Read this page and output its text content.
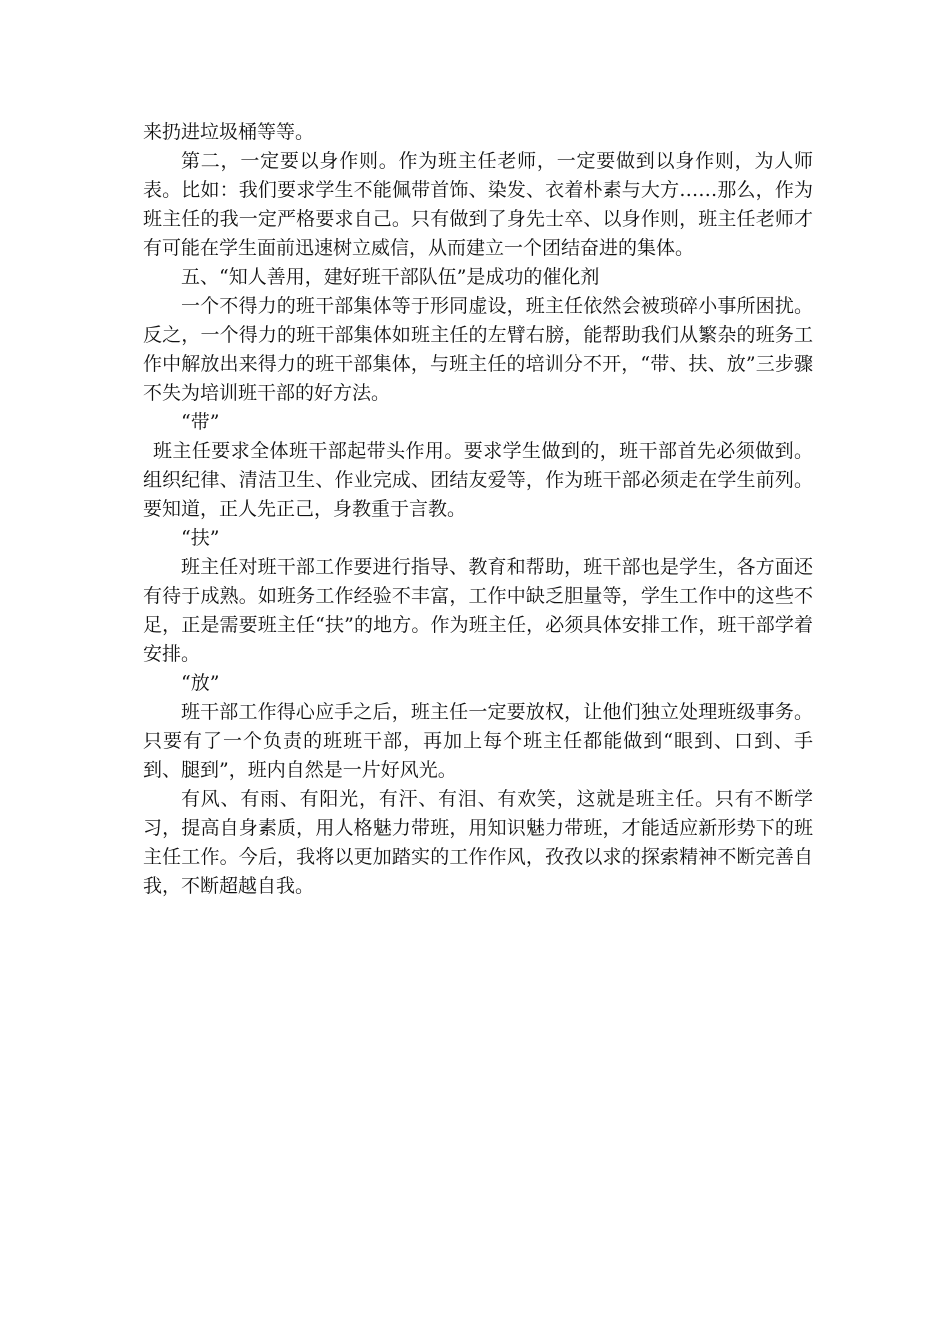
来扔进垃圾桶等等。

第二，一定要以身作则。作为班主任老师，一定要做到以身作则，为人师表。比如：我们要求学生不能佩带首饰、染发、衣着朴素与大方……那么，作为班主任的我一定严格要求自己。只有做到了身先士卒、以身作则，班主任老师才有可能在学生面前迅速树立威信，从而建立一个团结奋进的集体。

五、“知人善用，建好班干部队伍”是成功的催化剂

一个不得力的班干部集体等于形同虚设，班主任依然会被琐碎小事所困扰。反之，一个得力的班干部集体如班主任的左臂右膀，能帮助我们从繁杂的班务工作中解放出来得力的班干部集体，与班主任的培训分不开，“带、扶、放”三步骤不失为培训班干部的好方法。

“带”

班主任要求全体班干部起带头作用。要求学生做到的，班干部首先必须做到。组织纪律、清洁卫生、作业完成、团结友爱等，作为班干部必须走在学生前列。要知道，正人先正己，身教重于言教。

“扶”

班主任对班干部工作要进行指导、教育和帮助，班干部也是学生，各方面还有待于成熟。如班务工作经验不丰富，工作中缺乏胆量等，学生工作中的这些不足，正是需要班主任“扶”的地方。作为班主任，必须具体安排工作，班干部学着安排。

“放”

班干部工作得心应手之后，班主任一定要放权，让他们独立处理班级事务。只要有了一个负责的班班干部，再加上每个班主任都能做到“眼到、口到、手到、腿到”，班内自然是一片好风光。

有风、有雨、有阳光，有汗、有泪、有欢笑，这就是班主任。只有不断学习，提高自身素质，用人格魅力带班，用知识魅力带班，才能适应新形势下的班主任工作。今后，我将以更加踏实的工作作风，孜孜以求的探索精神不断完善自我，不断超越自我。
